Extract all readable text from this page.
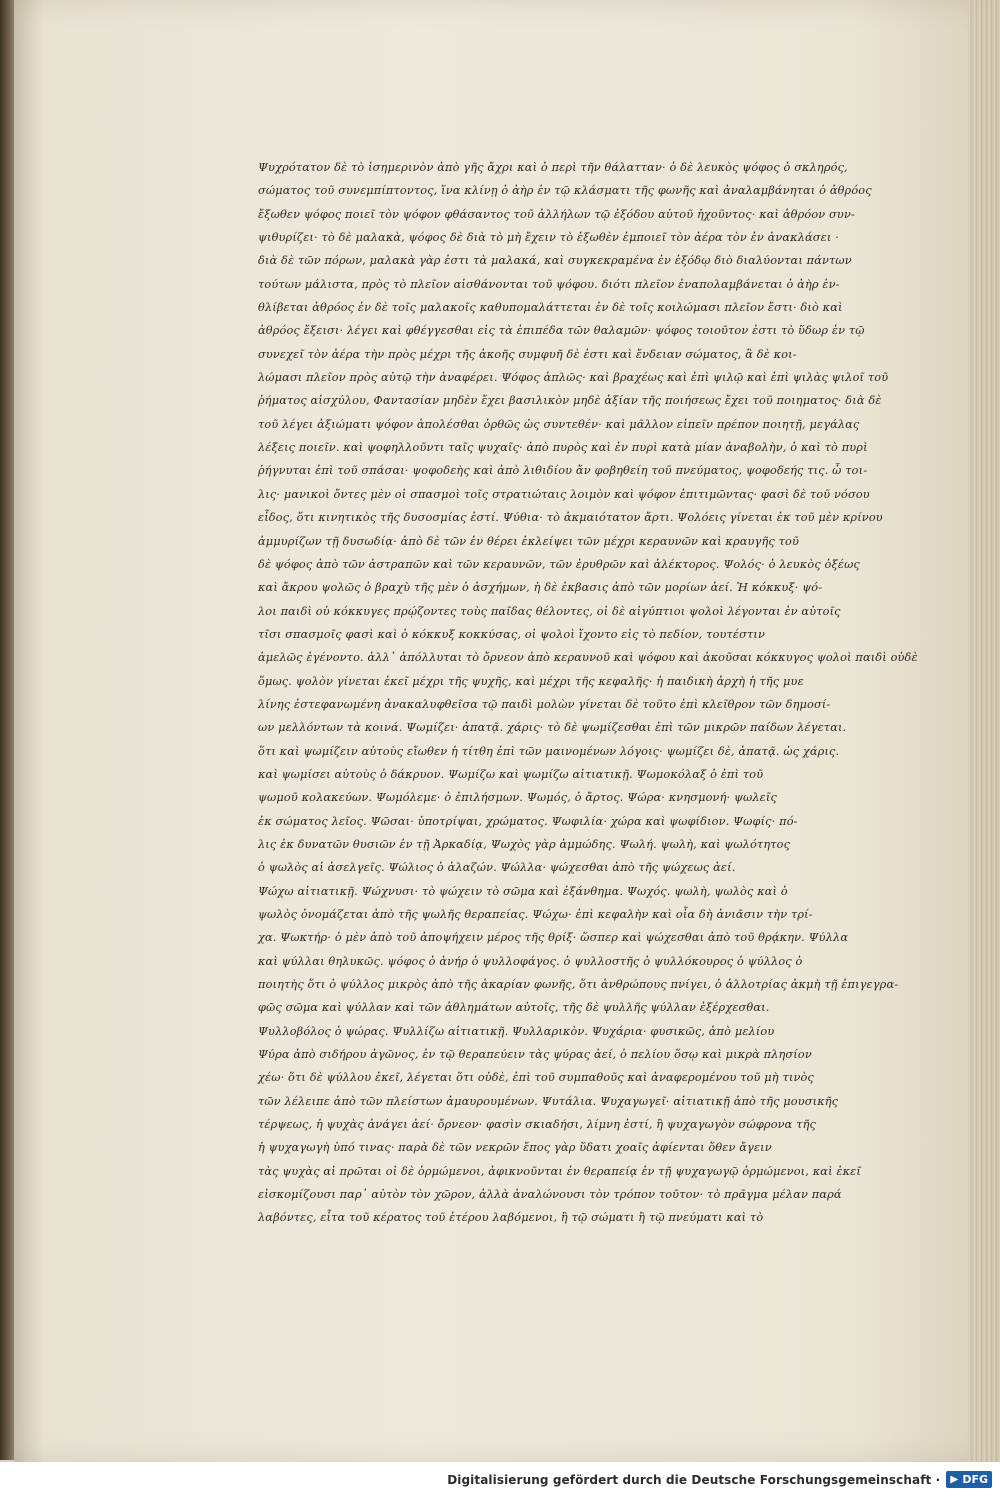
Ψυχρότατον δὲ τὸ ἰσημερινὸν ἀπὸ γῆς ἄχρι καὶ ὁ περὶ τῆν θάλατταν· ὁ δὲ λευκὸς ψόφος ὁ σκληρός,
σώματος τοῦ συνεμπίπτοντος, ἵνα κλίνῃ ὁ ἀὴρ ἐν τῷ κλάσματι τῆς φωνῆς καὶ ἀναλαμβάνηται ὁ ἀθρόος
ἔξωθεν ψόφος ποιεῖ τὸν ψόφον φθάσαντος τοῦ ἀλλήλων τῷ ἐξόδου αὐτοῦ ἠχοῦντος· καὶ ἀθρόον συν-
ψιθυρίζει· τὸ δὲ μαλακὰ, ψόφος δὲ διὰ τὸ μὴ ἔχειν τὸ ἐξωθὲν ἐμποιεῖ τὸν ἀέρα τὸν ἐν ἀνακλάσει ·
διὰ δὲ τῶν πόρων, μαλακὰ γὰρ ἐστι τὰ μαλακά, καὶ συγκεκραμένα ἐν ἐξόδῳ διὸ διαλύονται πάντων
τούτων μάλιστα, πρὸς τὸ πλεῖον αἰσθάνονται τοῦ ψόφου. διότι πλεῖον ἐναπολαμβάνεται ὁ ἀὴρ ἐν-
θλίβεται ἀθρόος ἐν δὲ τοῖς μαλακοῖς καθυπομαλάττεται ἐν δὲ τοῖς κοιλώμασι πλεῖον ἔστι· διὸ καὶ
ἀθρόος ἔξεισι· λέγει καὶ φθέγγεσθαι εἰς τὰ ἐπιπέδα τῶν θαλαμῶν· ψόφος τοιοῦτον ἐστι τὸ ὕδωρ ἐν τῷ
συνεχεῖ τὸν ἀέρα τὴν πρὸς μέχρι τῆς ἀκοῆς συμφυῆ δὲ ἐστι καὶ ἔνδειαν σώματος, ἃ δὲ κοι-
λώμασι πλεῖον πρὸς αὐτῷ τὴν ἀναφέρει. Ψόφος ἁπλῶς· καὶ βραχέως καὶ ἐπὶ ψιλῷ καὶ ἐπὶ ψιλὰς ψιλοῖ τοῦ
ῥήματος αἰσχύλου, Φαντασίαν μηδὲν ἔχει βασιλικὸν μηδὲ ἀξίαν τῆς ποιήσεως ἔχει τοῦ ποιηματος· διὰ δὲ
τοῦ λέγει ἀξιώματι ψόφον ἀπολέσθαι ὀρθῶς ὡς συντεθέν· καὶ μᾶλλον εἰπεῖν πρέπον ποιητῇ, μεγάλας
λέξεις ποιεῖν. καὶ ψοφηλλοῦντι ταῖς ψυχαῖς· ἀπὸ πυρὸς καὶ ἐν πυρὶ κατὰ μίαν ἀναβολὴν, ὁ καὶ τὸ πυρὶ
ῥήγνυται ἐπὶ τοῦ σπάσαι· ψοφοδεὴς καὶ ἀπὸ λιθιδίου ἄν φοβηθείη τοῦ πνεύματος, ψοφοδεής τις. ὦ τοι-
λις· μανικοὶ ὄντες μὲν οἱ σπασμοὶ τοῖς στρατιώταις λοιμὸν καὶ ψόφον ἐπιτιμῶντας· φασὶ δὲ τοῦ νόσου
εἶδος, ὅτι κινητικὸς τῆς δυσοσμίας ἐστί. Ψύθια· τὸ ἀκμαιότατον ἄρτι. Ψολόεις γίνεται ἐκ τοῦ μὲν κρίνου
ἁμμυρίζων τῇ δυσωδίᾳ· ἀπὸ δὲ τῶν ἐν θέρει ἐκλείψει τῶν μέχρι κεραυνῶν καὶ κραυγῆς τοῦ
δὲ ψόφος ἀπὸ τῶν ἀστραπῶν καὶ τῶν κεραυνῶν, τῶν ἐρυθρῶν καὶ ἀλέκτορος. Ψολός· ὁ λευκὸς ὀξέως
καὶ ἄκρου ψολῶς ὁ βραχὺ τῆς μὲν ὁ ἀσχήμων, ἡ δὲ ἐκβασις ἀπὸ τῶν μορίων ἀεί. Ἡ κόκκυξ· ψό-
λοι παιδὶ οὐ κόκκυγες πρῴζοντες τοὺς παῖδας θέλοντες, οἱ δὲ αἰγύπτιοι ψολοὶ λέγονται ἐν αὐτοῖς
τῖσι σπασμοῖς φασὶ καὶ ὁ κόκκυξ κοκκύσας, οἱ ψολοὶ ἴχοντο εἰς τὸ πεδίον, τουτέστιν
ἁμελῶς ἐγένοντο. ἀλλ᾽ ἀπόλλυται τὸ ὄρνεον ἀπὸ κεραυνοῦ καὶ ψόφου καὶ ἀκοῦσαι κόκκυγος ψολοὶ παιδὶ οὐδὲ
ὅμως. ψολὸν γίνεται ἐκεῖ μέχρι τῆς ψυχῆς, καὶ μέχρι τῆς κεφαλῆς· ἡ παιδικὴ ἀρχὴ ἡ τῆς μυε
λίνης ἐστεφανωμένη ἀνακαλυφθεῖσα τῷ παιδὶ μολὼν γίνεται δὲ τοῦτο ἐπὶ κλεῖθρον τῶν δημοσί-
ων μελλόντων τὰ κοινά. Ψωμίζει· ἀπατᾷ. χάρις· τὸ δὲ ψωμίζεσθαι ἐπὶ τῶν μικρῶν παίδων λέγεται.
ὅτι καὶ ψωμίζειν αὐτοὺς εἴωθεν ἡ τίτθη ἐπὶ τῶν μαινομένων λόγοις· ψωμίζει δὲ, ἀπατᾷ. ὡς χάρις.
καὶ ψωμίσει αὐτοὺς ὁ δάκρυον. Ψωμίζω καὶ ψωμίζω αἰτιατικῇ. Ψωμοκόλαξ ὁ ἐπὶ τοῦ
ψωμοῦ κολακεύων. Ψωμόλεμε· ὁ ἐπιλήσμων. Ψωμός, ὁ ἄρτος. Ψώρα· κνησμονή· ψωλεῖς
ἐκ σώματος λεῖος. Ψῶσαι· ὑποτρίψαι, χρώματος. Ψωφιλία· χώρα καὶ ψωφίδιον. Ψωφίς· πό-
λις ἐκ δυνατῶν θυσιῶν ἐν τῇ Ἀρκαδίᾳ, Ψωχὸς γὰρ ἁμμώδης. Ψωλή. ψωλὴ, καὶ ψωλότητος
ὁ ψωλὸς αἱ ἀσελγεῖς. Ψώλιος ὁ ἀλαζών. Ψώλλα· ψώχεσθαι ἀπὸ τῆς ψώχεως ἀεί.
Ψώχω αἰτιατικῇ. Ψώχνυσι· τὸ ψώχειν τὸ σῶμα καὶ ἐξάνθημα. Ψωχός. ψωλὴ, ψωλὸς καὶ ὁ
ψωλὸς ὀνομάζεται ἀπὸ τῆς ψωλῆς θεραπείας. Ψώχω· ἐπὶ κεφαλὴν καὶ οἷα δὴ ἀνιᾶσιν τὴν τρί-
χα. Ψωκτήρ· ὁ μὲν ἀπὸ τοῦ ἀποψήχειν μέρος τῆς θρίξ· ὥσπερ καὶ ψώχεσθαι ἀπὸ τοῦ θρᾴκην. Ψύλλα
καὶ ψύλλαι θηλυκῶς. ψόφος ὁ ἀνήρ ὁ ψυλλοφάγος. ὁ ψυλλοστῆς ὁ ψυλλόκουρος ὁ ψύλλος ὁ
ποιητὴς ὅτι ὁ ψύλλος μικρὸς ἀπὸ τῆς ἀκαρίαν φωνῆς, ὅτι ἀνθρώπους πνίγει, ὁ ἀλλοτρίας ἀκμὴ τῇ ἐπιγεγρα-
φῶς σῶμα καὶ ψύλλαν καὶ τῶν ἀθλημάτων αὐτοῖς, τῆς δὲ ψυλλῆς ψύλλαν ἐξέρχεσθαι.
Ψυλλοβόλος ὁ ψώρας. Ψυλλίζω αἰτιατικῇ. Ψυλλαρικὸν. Ψυχάρια· φυσικῶς, ἀπὸ μελίου
Ψύρα ἀπὸ σιδήρου ἀγῶνος, ἐν τῷ θεραπεύειν τὰς ψύρας ἀεί, ὁ πελίου ὅσῳ καὶ μικρὰ πλησίον
χέω· ὅτι δὲ ψύλλου ἐκεῖ, λέγεται ὅτι οὐδὲ, ἐπὶ τοῦ συμπαθοῦς καὶ ἀναφερομένου τοῦ μὴ τινὸς
τῶν λέλειπε ἀπὸ τῶν πλείστων ἀμαυρουμένων. Ψυτάλια. Ψυχαγωγεῖ· αἰτιατικῇ ἀπὸ τῆς μουσικῆς
τέρψεως, ἡ ψυχὰς ἀνάγει ἀεί· ὄρνεον· φασὶν σκιαδήσι, λίμνη ἐστί, ἢ ψυχαγωγὸν σώφρονα τῆς
ἡ ψυχαγωγὴ ὑπό τινας· παρὰ δὲ τῶν νεκρῶν ἔπος γὰρ ὕδατι χοαῖς ἀφίενται ὅθεν ἄγειν
τὰς ψυχὰς αἱ πρῶται οἱ δὲ ὁρμώμενοι, ἀφικνοῦνται ἐν θεραπείᾳ ἐν τῇ ψυχαγωγῷ ὁρμώμενοι, καὶ ἐκεῖ
εἰσκομίζουσι παρ᾽ αὐτὸν τὸν χῶρον, ἀλλὰ ἀναλώνουσι τὸν τρόπον τοῦτον· τὸ πρᾶγμα μέλαν παρά
λαβόντες, εἶτα τοῦ κέρατος τοῦ ἑτέρου λαβόμενοι, ἢ τῷ σώματι ἢ τῷ πνεύματι καὶ τὸ
Digitalisierung gefördert durch die Deutsche Forschungsgemeinschaft · DFG
